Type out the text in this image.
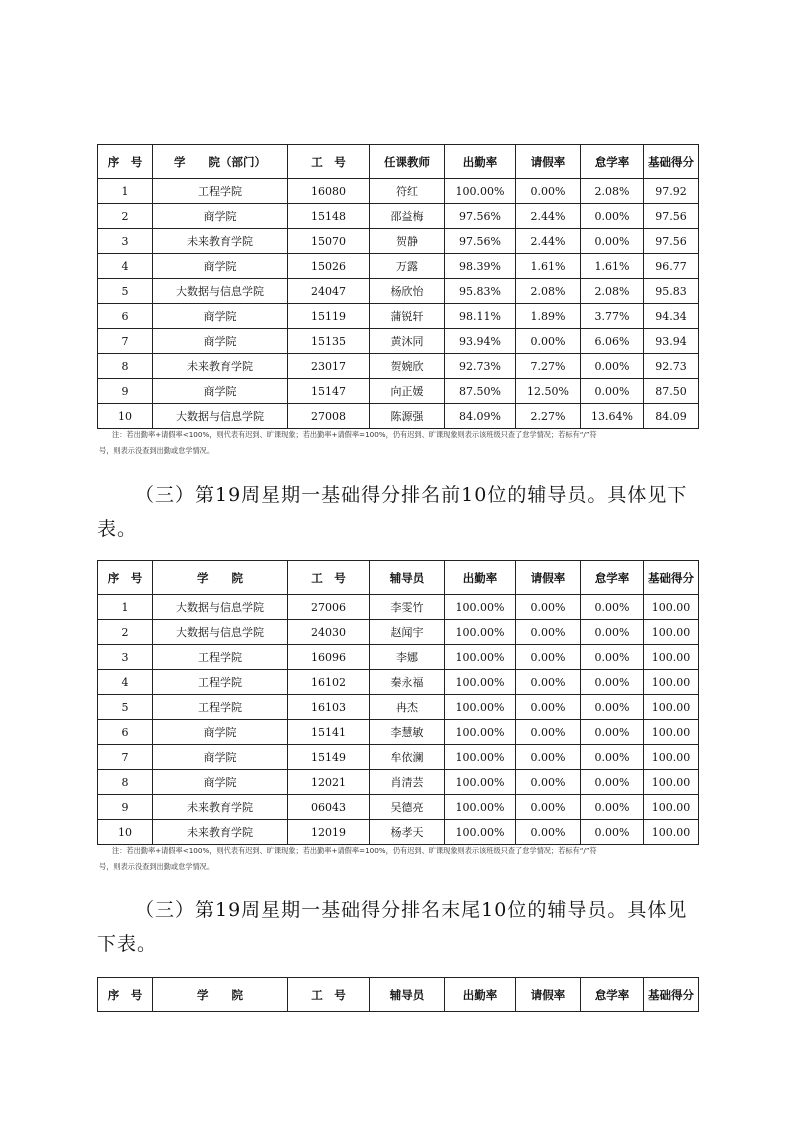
序　号	学　　院（部门）	工　号	任课教师	出勤率	请假率	怠学率	基础得分
1	工程学院	16080	符红	100.00%	0.00%	2.08%	97.92
2	商学院	15148	邵益梅	97.56%	2.44%	0.00%	97.56
3	未来教育学院	15070	贺静	97.56%	2.44%	0.00%	97.56
4	商学院	15026	万露	98.39%	1.61%	1.61%	96.77
5	大数据与信息学院	24047	杨欣怡	95.83%	2.08%	2.08%	95.83
6	商学院	15119	蒲锐轩	98.11%	1.89%	3.77%	94.34
7	商学院	15135	黄沐同	93.94%	0.00%	6.06%	93.94
8	未来教育学院	23017	贺婉欣	92.73%	7.27%	0.00%	92.73
9	商学院	15147	向正媛	87.50%	12.50%	0.00%	87.50
10	大数据与信息学院	27008	陈源强	84.09%	2.27%	13.64%	84.09
注：若出勤率+请假率<100%，则代表有迟到、旷课现象；若出勤率+请假率=100%，仍有迟到、旷课现象则表示该班级只查了怠学情况；若标有“/”符
号，则表示没查到出勤或怠学情况。
（三）第19周星期一基础得分排名前10位的辅导员。具体见下表。
序　号	学　　院	工　号	辅导员	出勤率	请假率	怠学率	基础得分
1	大数据与信息学院	27006	李雯竹	100.00%	0.00%	0.00%	100.00
2	大数据与信息学院	24030	赵闻宇	100.00%	0.00%	0.00%	100.00
3	工程学院	16096	李娜	100.00%	0.00%	0.00%	100.00
4	工程学院	16102	秦永福	100.00%	0.00%	0.00%	100.00
5	工程学院	16103	冉杰	100.00%	0.00%	0.00%	100.00
6	商学院	15141	李慧敏	100.00%	0.00%	0.00%	100.00
7	商学院	15149	牟依澜	100.00%	0.00%	0.00%	100.00
8	商学院	12021	肖清芸	100.00%	0.00%	0.00%	100.00
9	未来教育学院	06043	吴德亮	100.00%	0.00%	0.00%	100.00
10	未来教育学院	12019	杨孝天	100.00%	0.00%	0.00%	100.00
注：若出勤率+请假率<100%，则代表有迟到、旷课现象；若出勤率+请假率=100%，仍有迟到、旷课现象则表示该班级只查了怠学情况；若标有“/”符
号，则表示没查到出勤或怠学情况。
（三）第19周星期一基础得分排名末尾10位的辅导员。具体见下表。
序　号	学　　院	工　号	辅导员	出勤率	请假率	怠学率	基础得分
